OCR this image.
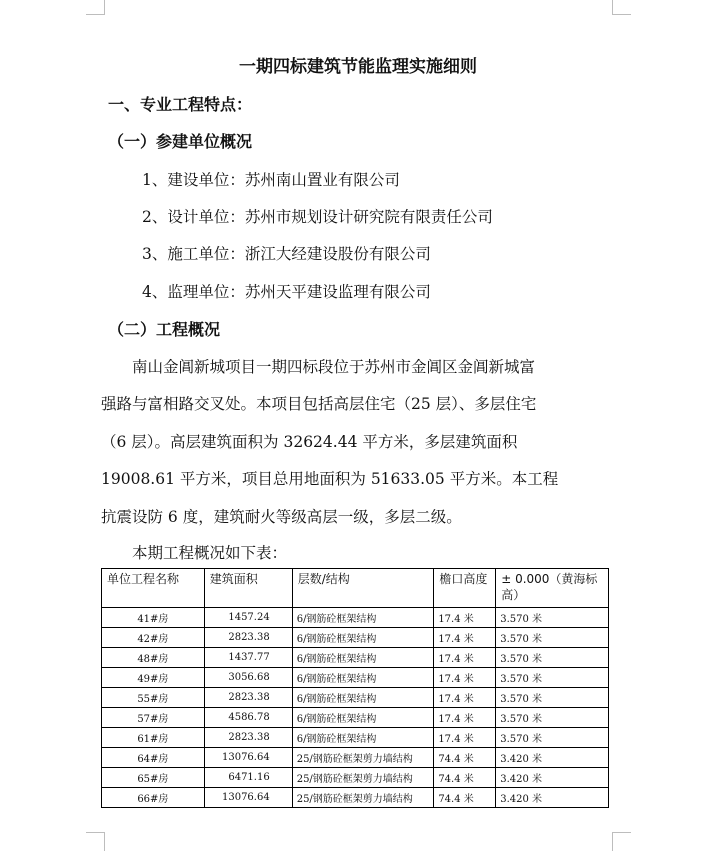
一期四标建筑节能监理实施细则
一、专业工程特点：
（一）参建单位概况
1、建设单位：苏州南山置业有限公司
2、设计单位：苏州市规划设计研究院有限责任公司
3、施工单位：浙江大经建设股份有限公司
4、监理单位：苏州天平建设监理有限公司
（二）工程概况
　　南山金阊新城项目一期四标段位于苏州市金阊区金阊新城富
强路与富相路交叉处。本项目包括高层住宅（25 层）、多层住宅
（6 层）。高层建筑面积为 32624.44 平方米，多层建筑面积
19008.61 平方米，项目总用地面积为 51633.05 平方米。本工程
抗震设防 6 度，建筑耐火等级高层一级，多层二级。
　　本期工程概况如下表：
单位工程名称	建筑面积	层数/结构	檐口高度	± 0.000（黄海标高）
41#房	1457.24	6/钢筋砼框架结构	17.4 米	3.570 米
42#房	2823.38	6/钢筋砼框架结构	17.4 米	3.570 米
48#房	1437.77	6/钢筋砼框架结构	17.4 米	3.570 米
49#房	3056.68	6/钢筋砼框架结构	17.4 米	3.570 米
55#房	2823.38	6/钢筋砼框架结构	17.4 米	3.570 米
57#房	4586.78	6/钢筋砼框架结构	17.4 米	3.570 米
61#房	2823.38	6/钢筋砼框架结构	17.4 米	3.570 米
64#房	13076.64	25/钢筋砼框架剪力墙结构	74.4 米	3.420 米
65#房	6471.16	25/钢筋砼框架剪力墙结构	74.4 米	3.420 米
66#房	13076.64	25/钢筋砼框架剪力墙结构	74.4 米	3.420 米
